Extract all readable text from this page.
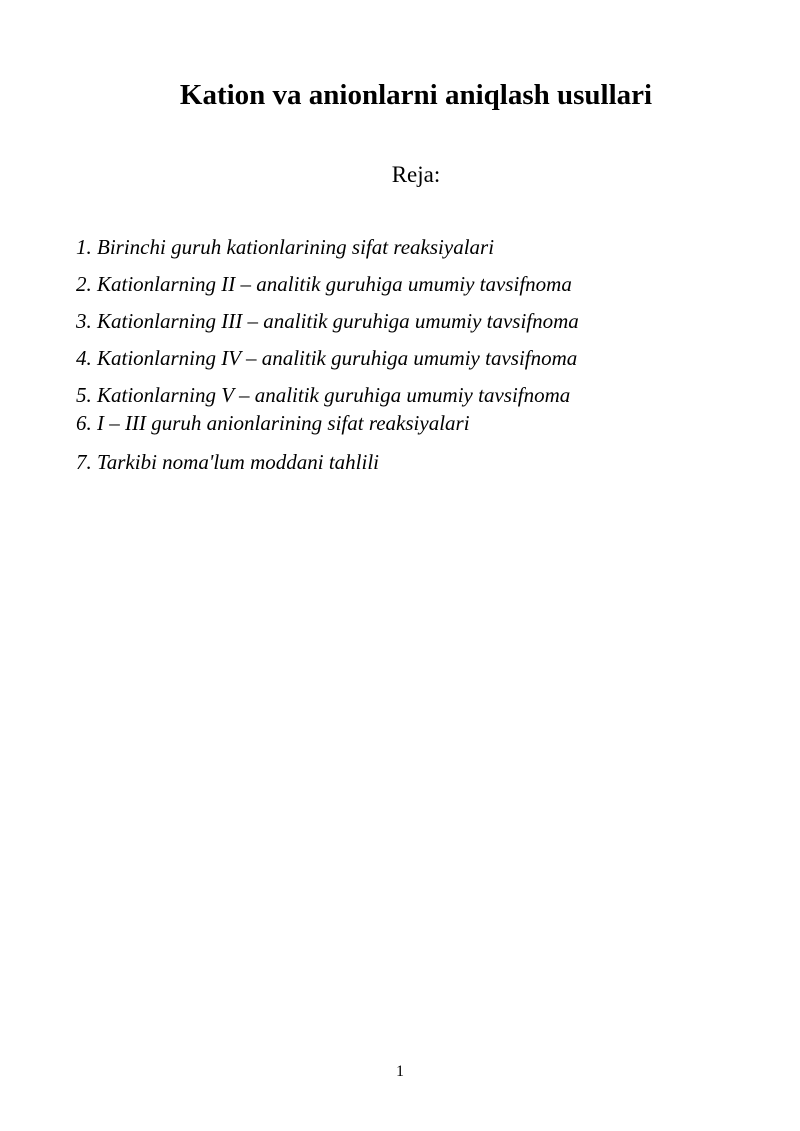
Kation va anionlarni aniqlash usullari
Reja:
1. Birinchi guruh kationlarining sifat reaksiyalari
2. Kationlarning II – analitik guruhiga umumiy tavsifnoma
3. Kationlarning III – analitik guruhiga umumiy tavsifnoma
4. Kationlarning IV – analitik guruhiga umumiy tavsifnoma
5. Kationlarning V – analitik guruhiga umumiy tavsifnoma
6. I – III guruh anionlarining sifat reaksiyalari
7. Tarkibi noma'lum moddani tahlili
1
